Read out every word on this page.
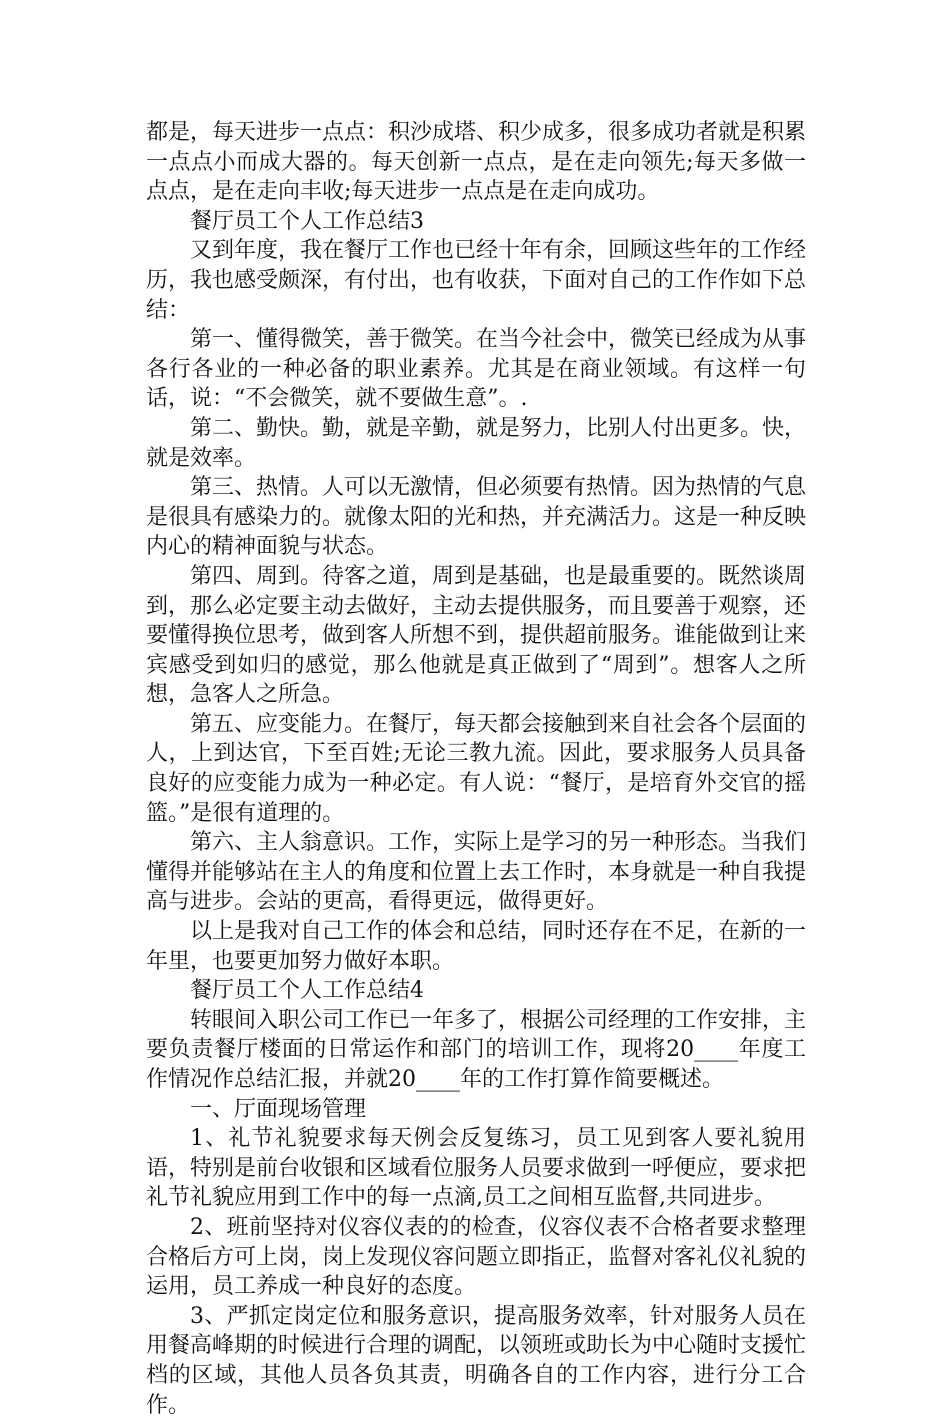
都是，每天进步一点点：积沙成塔、积少成多，很多成功者就是积累一点点小而成大器的。每天创新一点点，是在走向领先;每天多做一点点，是在走向丰收;每天进步一点点是在走向成功。

餐厅员工个人工作总结3

又到年度，我在餐厅工作也已经十年有余，回顾这些年的工作经历，我也感受颇深，有付出，也有收获，下面对自己的工作作如下总结：

第一、懂得微笑，善于微笑。在当今社会中，微笑已经成为从事各行各业的一种必备的职业素养。尤其是在商业领域。有这样一句话，说：“不会微笑，就不要做生意”。.

第二、勤快。勤，就是辛勤，就是努力，比别人付出更多。快，就是效率。

第三、热情。人可以无激情，但必须要有热情。因为热情的气息是很具有感染力的。就像太阳的光和热，并充满活力。这是一种反映内心的精神面貌与状态。

第四、周到。待客之道，周到是基础，也是最重要的。既然谈周到，那么必定要主动去做好，主动去提供服务，而且要善于观察，还要懂得换位思考，做到客人所想不到，提供超前服务。谁能做到让来宾感受到如归的感觉，那么他就是真正做到了“周到”。想客人之所想，急客人之所急。

第五、应变能力。在餐厅，每天都会接触到来自社会各个层面的人，上到达官，下至百姓;无论三教九流。因此，要求服务人员具备良好的应变能力成为一种必定。有人说：“餐厅，是培育外交官的摇篮。”是很有道理的。

第六、主人翁意识。工作，实际上是学习的另一种形态。当我们懂得并能够站在主人的角度和位置上去工作时，本身就是一种自我提高与进步。会站的更高，看得更远，做得更好。

以上是我对自己工作的体会和总结，同时还存在不足，在新的一年里，也要更加努力做好本职。

餐厅员工个人工作总结4

转眼间入职公司工作已一年多了，根据公司经理的工作安排，主要负责餐厅楼面的日常运作和部门的培训工作，现将20____年度工作情况作总结汇报，并就20____年的工作打算作简要概述。

一、厅面现场管理

1、礼节礼貌要求每天例会反复练习，员工见到客人要礼貌用语，特别是前台收银和区域看位服务人员要求做到一呼便应，要求把礼节礼貌应用到工作中的每一点滴,员工之间相互监督,共同进步。

2、班前坚持对仪容仪表的的检查，仪容仪表不合格者要求整理合格后方可上岗，岗上发现仪容问题立即指正，监督对客礼仪礼貌的运用，员工养成一种良好的态度。

3、严抓定岗定位和服务意识，提高服务效率，针对服务人员在用餐高峰期的时候进行合理的调配，以领班或助长为中心随时支援忙档的区域，其他人员各负其责，明确各自的工作内容，进行分工合作。
